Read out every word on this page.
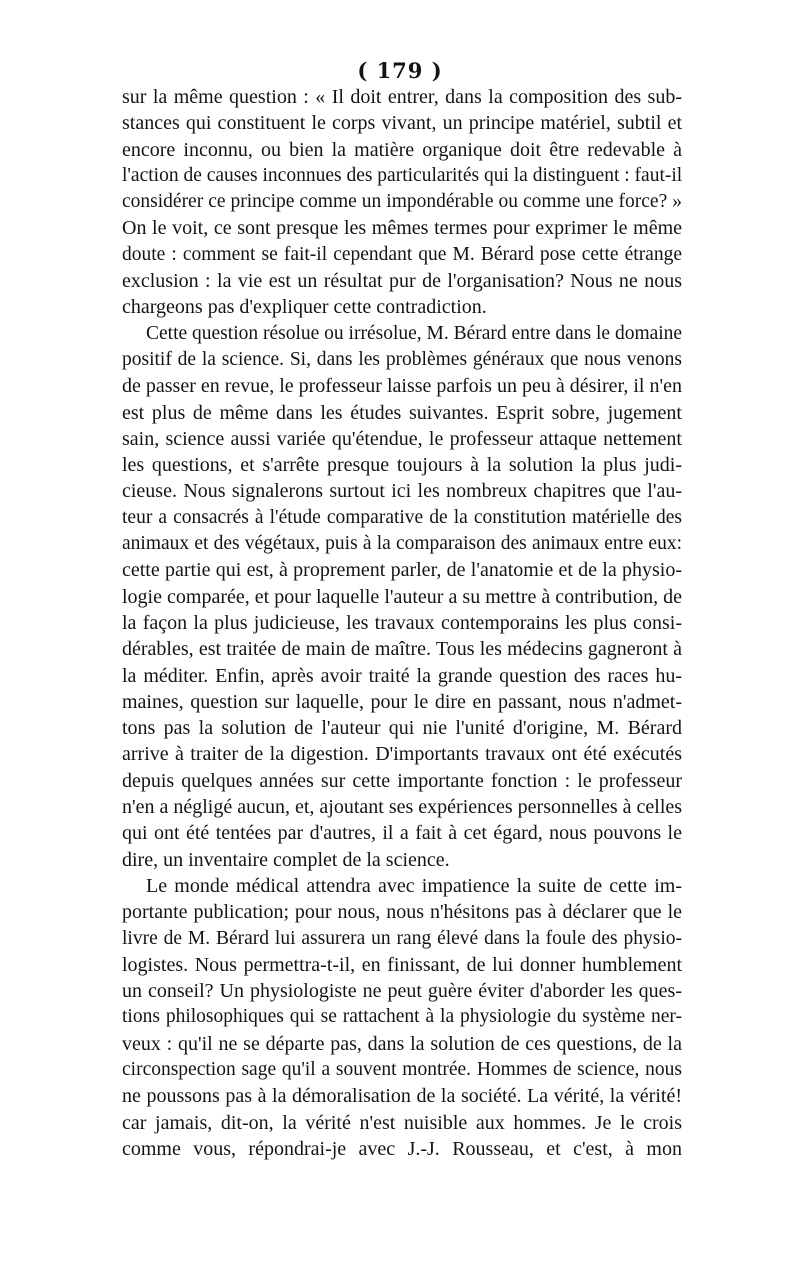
( 179 )
sur la même question : « Il doit entrer, dans la composition des sub-
stances qui constituent le corps vivant, un principe matériel, subtil et
encore inconnu, ou bien la matière organique doit être redevable à
l'action de causes inconnues des particularités qui la distinguent : faut-il
considérer ce principe comme un impondérable ou comme une force? »
On le voit, ce sont presque les mêmes termes pour exprimer le même
doute : comment se fait-il cependant que M. Bérard pose cette étrange
exclusion : la vie est un résultat pur de l'organisation? Nous ne nous
chargeons pas d'expliquer cette contradiction.
Cette question résolue ou irrésolue, M. Bérard entre dans le domaine
positif de la science. Si, dans les problèmes généraux que nous venons
de passer en revue, le professeur laisse parfois un peu à désirer, il n'en
est plus de même dans les études suivantes. Esprit sobre, jugement
sain, science aussi variée qu'étendue, le professeur attaque nettement
les questions, et s'arrête presque toujours à la solution la plus judi-
cieuse. Nous signalerons surtout ici les nombreux chapitres que l'au-
teur a consacrés à l'étude comparative de la constitution matérielle des
animaux et des végétaux, puis à la comparaison des animaux entre eux:
cette partie qui est, à proprement parler, de l'anatomie et de la physio-
logie comparée, et pour laquelle l'auteur a su mettre à contribution, de
la façon la plus judicieuse, les travaux contemporains les plus consi-
dérables, est traitée de main de maître. Tous les médecins gagneront à
la méditer. Enfin, après avoir traité la grande question des races hu-
maines, question sur laquelle, pour le dire en passant, nous n'admet-
tons pas la solution de l'auteur qui nie l'unité d'origine, M. Bérard
arrive à traiter de la digestion. D'importants travaux ont été exécutés
depuis quelques années sur cette importante fonction : le professeur
n'en a négligé aucun, et, ajoutant ses expériences personnelles à celles
qui ont été tentées par d'autres, il a fait à cet égard, nous pouvons le
dire, un inventaire complet de la science.
Le monde médical attendra avec impatience la suite de cette im-
portante publication; pour nous, nous n'hésitons pas à déclarer que le
livre de M. Bérard lui assurera un rang élevé dans la foule des physio-
logistes. Nous permettra-t-il, en finissant, de lui donner humblement
un conseil? Un physiologiste ne peut guère éviter d'aborder les ques-
tions philosophiques qui se rattachent à la physiologie du système ner-
veux : qu'il ne se départe pas, dans la solution de ces questions, de la
circonspection sage qu'il a souvent montrée. Hommes de science, nous
ne poussons pas à la démoralisation de la société. La vérité, la vérité!
car jamais, dit-on, la vérité n'est nuisible aux hommes. Je le crois
comme vous, répondrai-je avec J.-J. Rousseau, et c'est, à mon
